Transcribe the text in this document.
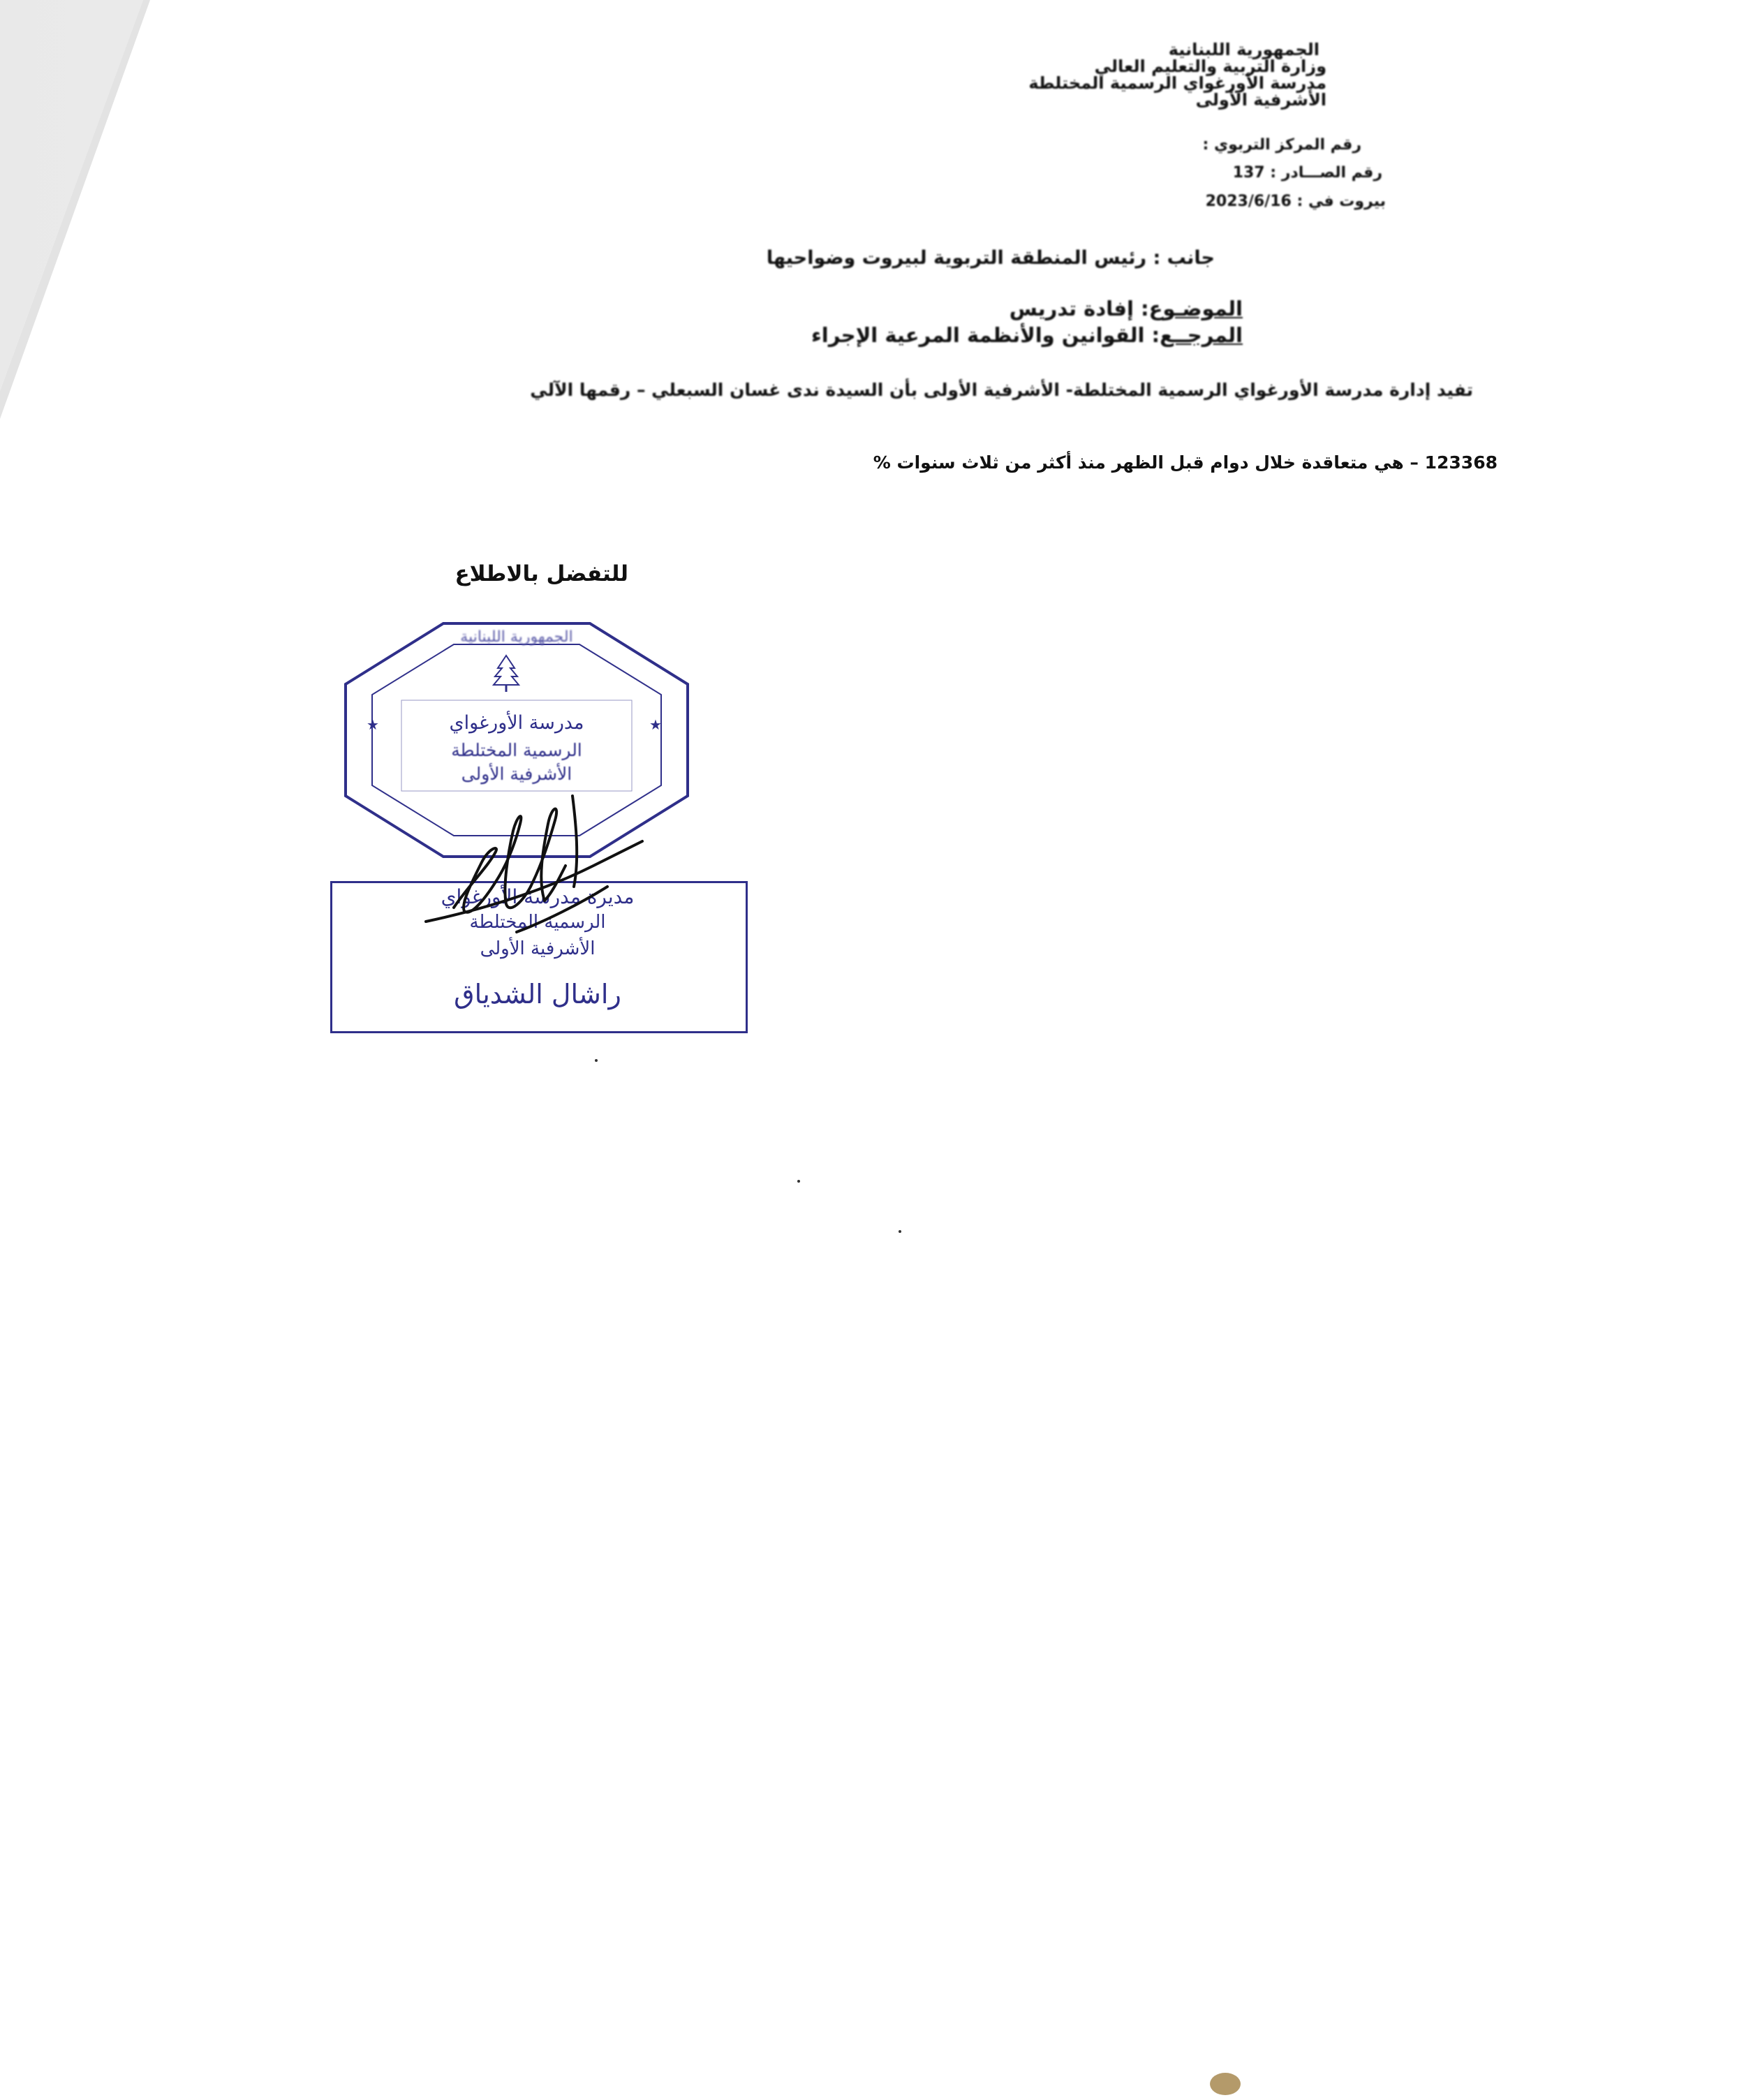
الجمهورية اللبنانية
وزارة التربية والتعليم العالي
مدرسة الأورغواي الرسمية المختلطة
الأشرفية الأولى
رقم المركز التربوي :
رقم الصـــادر : 137
بيروت في : 2023/6/16
جانب : رئيس المنطقة التربوية لبيروت وضواحيها
الموضـوع: إفادة تدريس
المرجــع: القوانين والأنظمة المرعية الإجراء
تفيد إدارة مدرسة الأورغواي الرسمية المختلطة- الأشرفية الأولى بأن السيدة ندى غسان السبعلي – رقمها الآلي
123368 – هي متعاقدة خلال دوام قبل الظهر منذ أكثر من ثلاث سنوات %
للتفضل بالاطلاع
★	★
الجمهورية اللبنانية
مدرسة الأورغواي
الرسمية المختلطة
الأشرفية الأولى
مديرة مدرسة الأورغواي
الرسمية المختلطة
الأشرفية الأولى
راشال الشدياق
